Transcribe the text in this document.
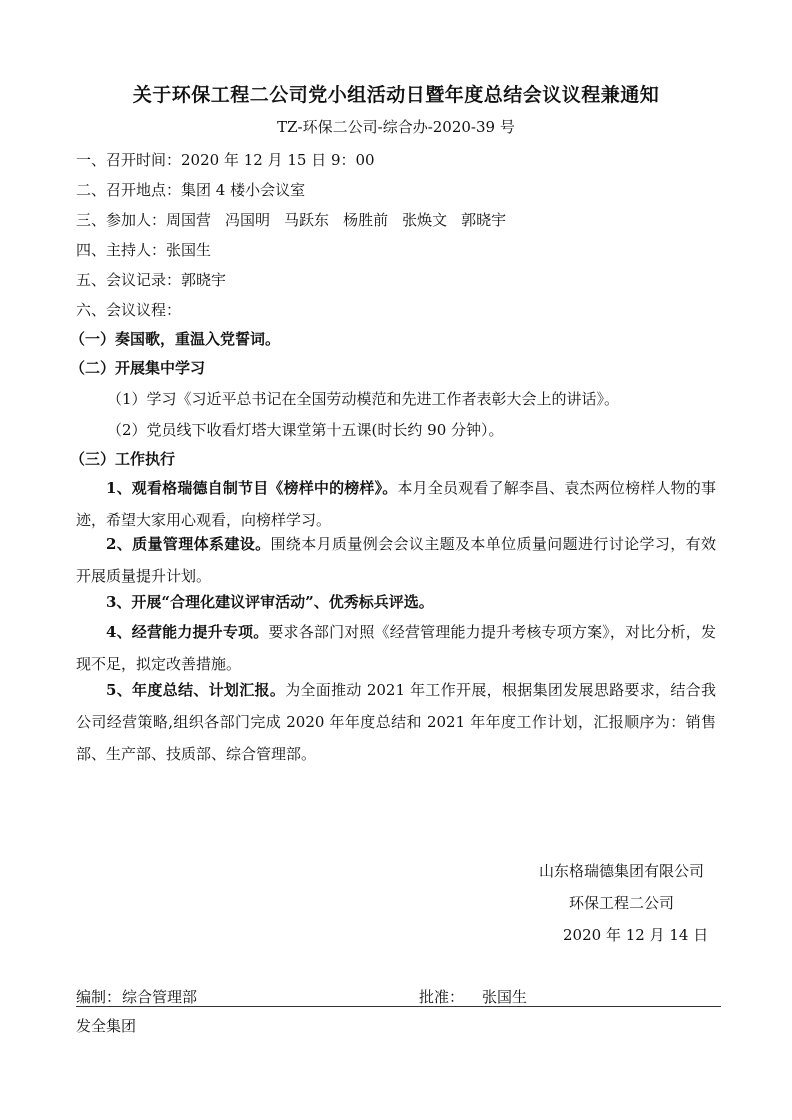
关于环保工程二公司党小组活动日暨年度总结会议议程兼通知
TZ-环保二公司-综合办-2020-39 号
一、召开时间：2020 年 12 月 15 日 9：00
二、召开地点：集团 4 楼小会议室
三、参加人：周国营 冯国明 马跃东 杨胜前 张焕文 郭晓宇
四、主持人：张国生
五、会议记录：郭晓宇
六、会议议程：
（一）奏国歌，重温入党誓词。
（二）开展集中学习
（1）学习《习近平总书记在全国劳动模范和先进工作者表彰大会上的讲话》。
（2）党员线下收看灯塔大课堂第十五课(时长约 90 分钟）。
（三）工作执行
1、观看格瑞德自制节目《榜样中的榜样》。本月全员观看了解李昌、袁杰两位榜样人物的事迹，希望大家用心观看，向榜样学习。
2、质量管理体系建设。围绕本月质量例会会议主题及本单位质量问题进行讨论学习，有效开展质量提升计划。
3、开展“合理化建议评审活动”、优秀标兵评选。
4、经营能力提升专项。要求各部门对照《经营管理能力提升考核专项方案》，对比分析，发现不足，拟定改善措施。
5、年度总结、计划汇报。为全面推动 2021 年工作开展，根据集团发展思路要求，结合我公司经营策略,组织各部门完成 2020 年年度总结和 2021 年年度工作计划，汇报顺序为：销售部、生产部、技质部、综合管理部。
山东格瑞德集团有限公司
环保工程二公司
2020 年 12 月 14 日
编制： 综合管理部	批准： 张国生
发全集团
